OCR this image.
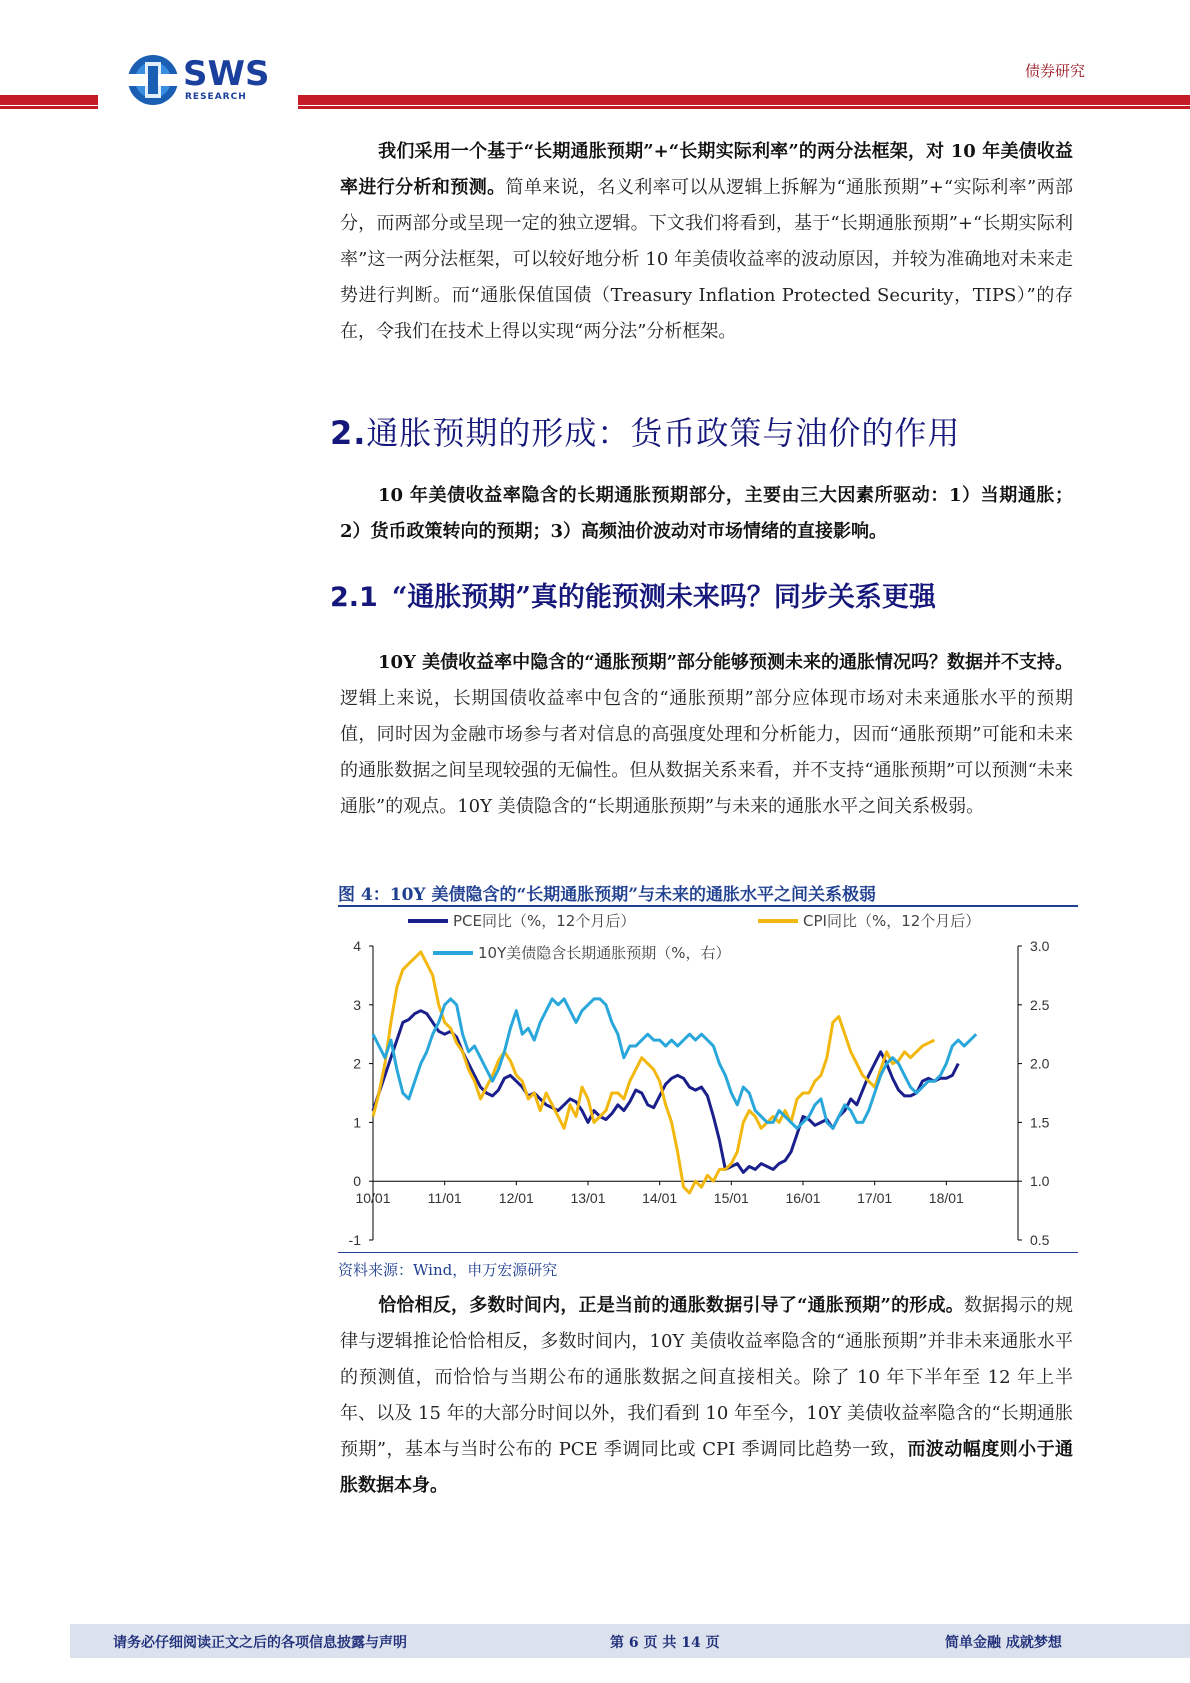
SWS
RESEARCH
债券研究
我们采用一个基于“长期通胀预期”+“长期实际利率”的两分法框架，对 10 年美债收益率进行分析和预测。简单来说，名义利率可以从逻辑上拆解为“通胀预期”+“实际利率”两部分，而两部分或呈现一定的独立逻辑。下文我们将看到，基于“长期通胀预期”+“长期实际利率”这一两分法框架，可以较好地分析 10 年美债收益率的波动原因，并较为准确地对未来走势进行判断。而“通胀保值国债（Treasury Inflation Protected Security，TIPS）”的存在，令我们在技术上得以实现“两分法”分析框架。
2.通胀预期的形成：货币政策与油价的作用
10 年美债收益率隐含的长期通胀预期部分，主要由三大因素所驱动：1）当期通胀；2）货币政策转向的预期；3）高频油价波动对市场情绪的直接影响。
2.1 “通胀预期”真的能预测未来吗？同步关系更强
10Y 美债收益率中隐含的“通胀预期”部分能够预测未来的通胀情况吗？数据并不支持。逻辑上来说，长期国债收益率中包含的“通胀预期”部分应体现市场对未来通胀水平的预期值，同时因为金融市场参与者对信息的高强度处理和分析能力，因而“通胀预期”可能和未来的通胀数据之间呈现较强的无偏性。但从数据关系来看，并不支持“通胀预期”可以预测“未来通胀”的观点。10Y 美债隐含的“长期通胀预期”与未来的通胀水平之间关系极弱。
图 4：10Y 美债隐含的“长期通胀预期”与未来的通胀水平之间关系极弱
PCE同比（%，12个月后）	CPI同比（%，12个月后）
10Y美债隐含长期通胀预期（%，右）
4
3
2
1
0
-1
3.0
2.5
2.0
1.5
1.0
0.5
10/01	11/01	12/01	13/01	14/01	15/01	16/01	17/01	18/01
资料来源：Wind，申万宏源研究
恰恰相反，多数时间内，正是当前的通胀数据引导了“通胀预期”的形成。数据揭示的规律与逻辑推论恰恰相反，多数时间内，10Y 美债收益率隐含的“通胀预期”并非未来通胀水平的预测值，而恰恰与当期公布的通胀数据之间直接相关。除了 10 年下半年至 12 年上半年、以及 15 年的大部分时间以外，我们看到 10 年至今，10Y 美债收益率隐含的“长期通胀预期”，基本与当时公布的 PCE 季调同比或 CPI 季调同比趋势一致，而波动幅度则小于通胀数据本身。
请务必仔细阅读正文之后的各项信息披露与声明	第 6 页 共 14 页	简单金融 成就梦想
